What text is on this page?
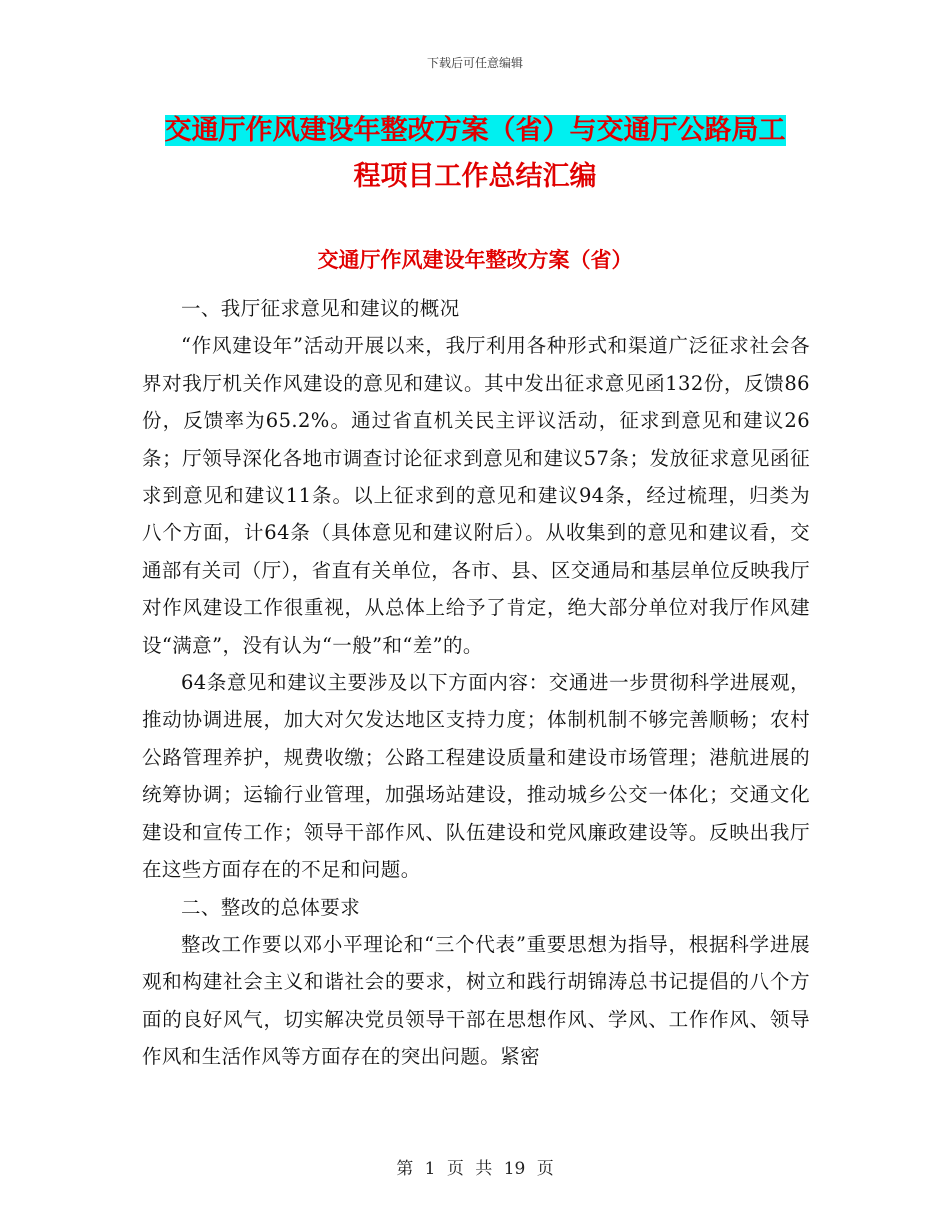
下载后可任意编辑
交通厅作风建设年整改方案（省）与交通厅公路局工
程项目工作总结汇编
交通厅作风建设年整改方案（省）

一、我厅征求意见和建议的概况

“作风建设年”活动开展以来，我厅利用各种形式和渠道广泛征求社会各界对我厅机关作风建设的意见和建议。其中发出征求意见函132份，反馈86份，反馈率为65.2%。通过省直机关民主评议活动，征求到意见和建议26条；厅领导深化各地市调查讨论征求到意见和建议57条；发放征求意见函征求到意见和建议11条。以上征求到的意见和建议94条，经过梳理，归类为八个方面，计64条（具体意见和建议附后）。从收集到的意见和建议看，交通部有关司（厅），省直有关单位，各市、县、区交通局和基层单位反映我厅对作风建设工作很重视，从总体上给予了肯定，绝大部分单位对我厅作风建设“满意”，没有认为“一般”和“差”的。

64条意见和建议主要涉及以下方面内容：交通进一步贯彻科学进展观，推动协调进展，加大对欠发达地区支持力度；体制机制不够完善顺畅；农村公路管理养护，规费收缴；公路工程建设质量和建设市场管理；港航进展的统筹协调；运输行业管理，加强场站建设，推动城乡公交一体化；交通文化建设和宣传工作；领导干部作风、队伍建设和党风廉政建设等。反映出我厅在这些方面存在的不足和问题。

二、整改的总体要求

整改工作要以邓小平理论和“三个代表”重要思想为指导，根据科学进展观和构建社会主义和谐社会的要求，树立和践行胡锦涛总书记提倡的八个方面的良好风气，切实解决党员领导干部在思想作风、学风、工作作风、领导作风和生活作风等方面存在的突出问题。紧密

第 1 页 共 19 页
